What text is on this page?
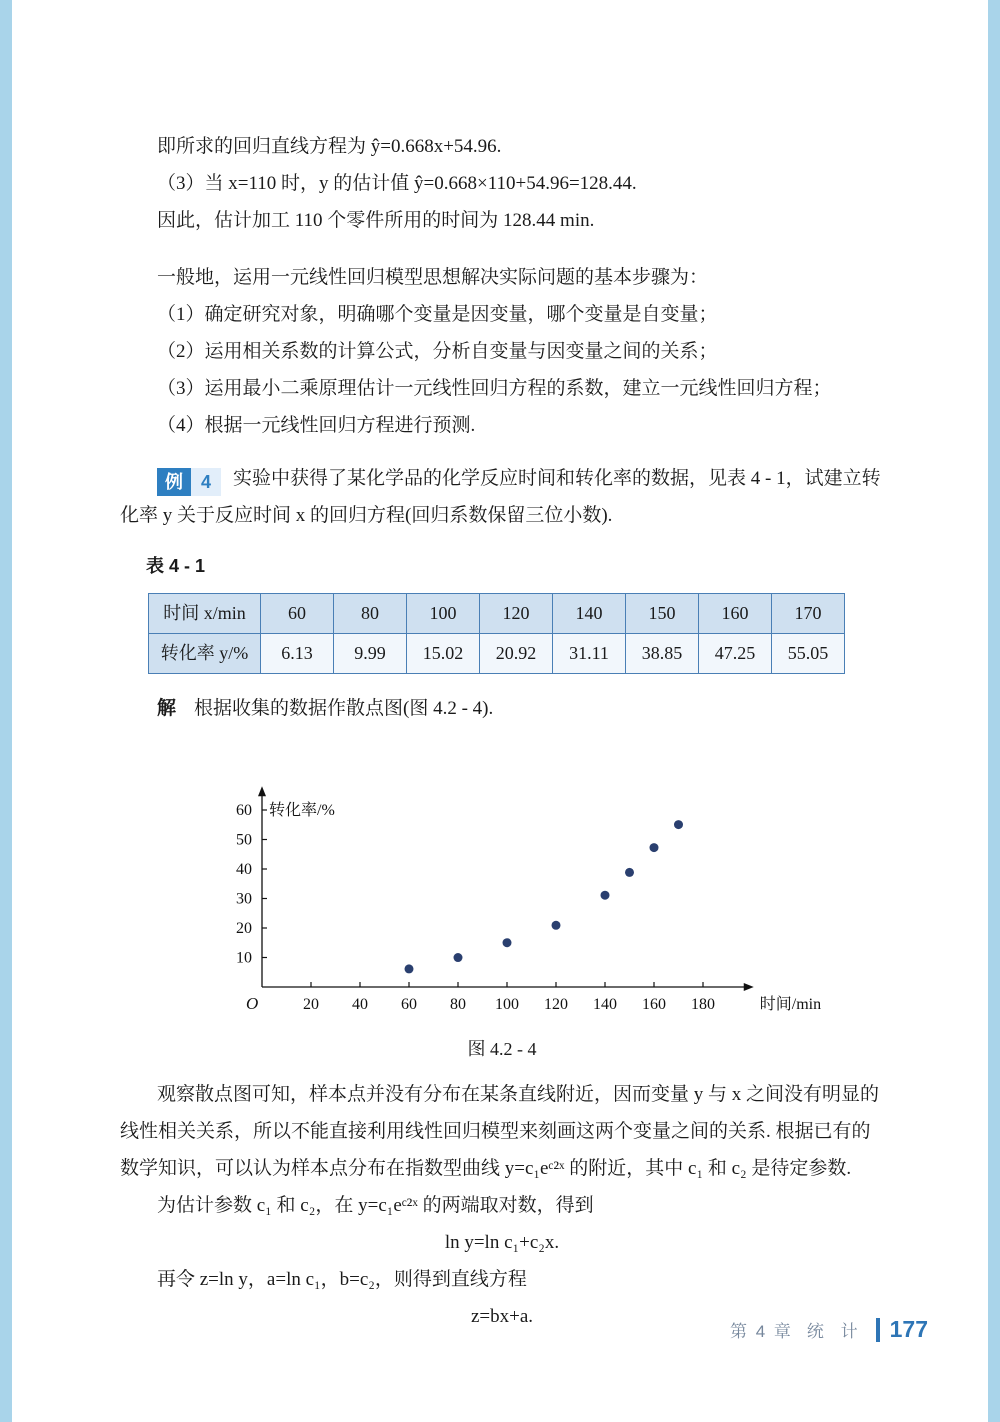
即所求的回归直线方程为 ŷ=0.668x+54.96.

（3）当 x=110 时，y 的估计值 ŷ=0.668×110+54.96=128.44.

因此，估计加工 110 个零件所用的时间为 128.44 min.

一般地，运用一元线性回归模型思想解决实际问题的基本步骤为：

（1）确定研究对象，明确哪个变量是因变量，哪个变量是自变量；

（2）运用相关系数的计算公式，分析自变量与因变量之间的关系；

（3）运用最小二乘原理估计一元线性回归方程的系数，建立一元线性回归方程；

（4）根据一元线性回归方程进行预测.

例	4	实验中获得了某化学品的化学反应时间和转化率的数据，见表 4 - 1，试建立转化率 y 关于反应时间 x 的回归方程(回归系数保留三位小数).

表 4 - 1
时间 x/min	60	80	100	120	140	150	160	170
转化率 y/%	6.13	9.99	15.02	20.92	31.11	38.85	47.25	55.05

解 根据收集的数据作散点图(图 4.2 - 4).

20 40 60 80 100 120 140 160 180
10
20
30
40
50
60
O
转化率/%
时间/min

图 4.2 - 4

观察散点图可知，样本点并没有分布在某条直线附近，因而变量 y 与 x 之间没有明显的线性相关关系，所以不能直接利用线性回归模型来刻画这两个变量之间的关系. 根据已有的数学知识，可以认为样本点分布在指数型曲线 y=c₁eᶜ²ˣ 的附近，其中 c₁ 和 c₂ 是待定参数.

为估计参数 c₁ 和 c₂，在 y=c₁eᶜ²ˣ 的两端取对数，得到

ln y=ln c₁+c₂x.

再令 z=ln y，a=ln c₁，b=c₂，则得到直线方程

z=bx+a.

第 4 章 统 计 177
